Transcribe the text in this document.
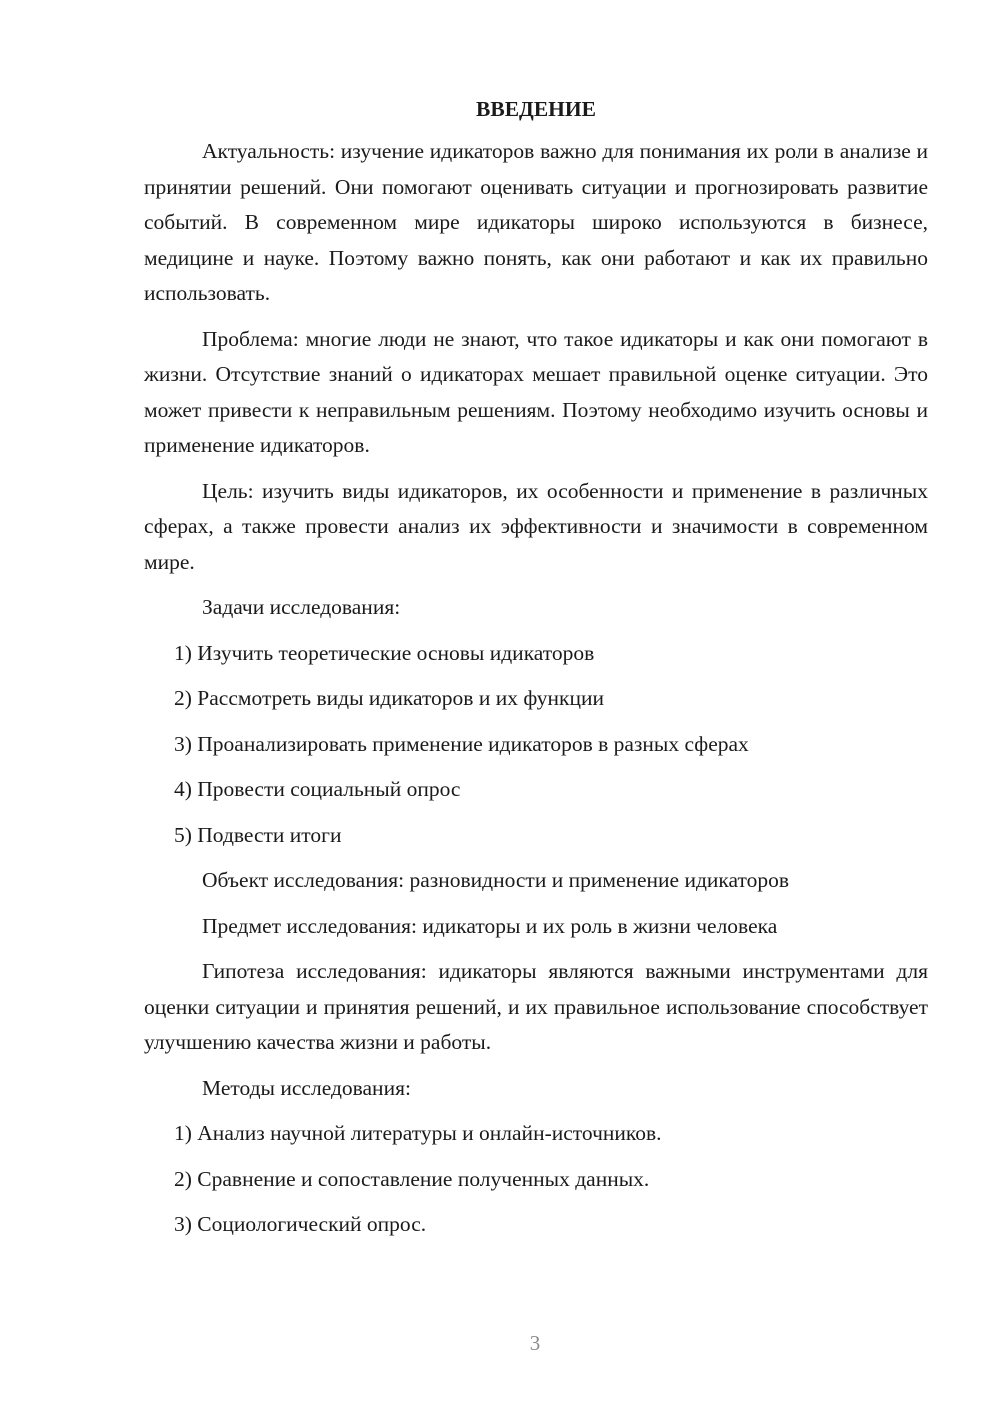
ВВЕДЕНИЕ

Актуальность: изучение идикаторов важно для понимания их роли в анализе и принятии решений. Они помогают оценивать ситуации и прогнозировать развитие событий. В современном мире идикаторы широко используются в бизнесе, медицине и науке. Поэтому важно понять, как они работают и как их правильно использовать.

Проблема: многие люди не знают, что такое идикаторы и как они помогают в жизни. Отсутствие знаний о идикаторах мешает правильной оценке ситуации. Это может привести к неправильным решениям. Поэтому необходимо изучить основы и применение идикаторов.

Цель: изучить виды идикаторов, их особенности и применение в различных сферах, а также провести анализ их эффективности и значимости в современном мире.

Задачи исследования:

1) Изучить теоретические основы идикаторов

2) Рассмотреть виды идикаторов и их функции

3) Проанализировать применение идикаторов в разных сферах

4) Провести социальный опрос

5) Подвести итоги

Объект исследования: разновидности и применение идикаторов

Предмет исследования: идикаторы и их роль в жизни человека

Гипотеза исследования: идикаторы являются важными инструментами для оценки ситуации и принятия решений, и их правильное использование способствует улучшению качества жизни и работы.

Методы исследования:

1) Анализ научной литературы и онлайн-источников.

2) Сравнение и сопоставление полученных данных.

3) Социологический опрос.

3
